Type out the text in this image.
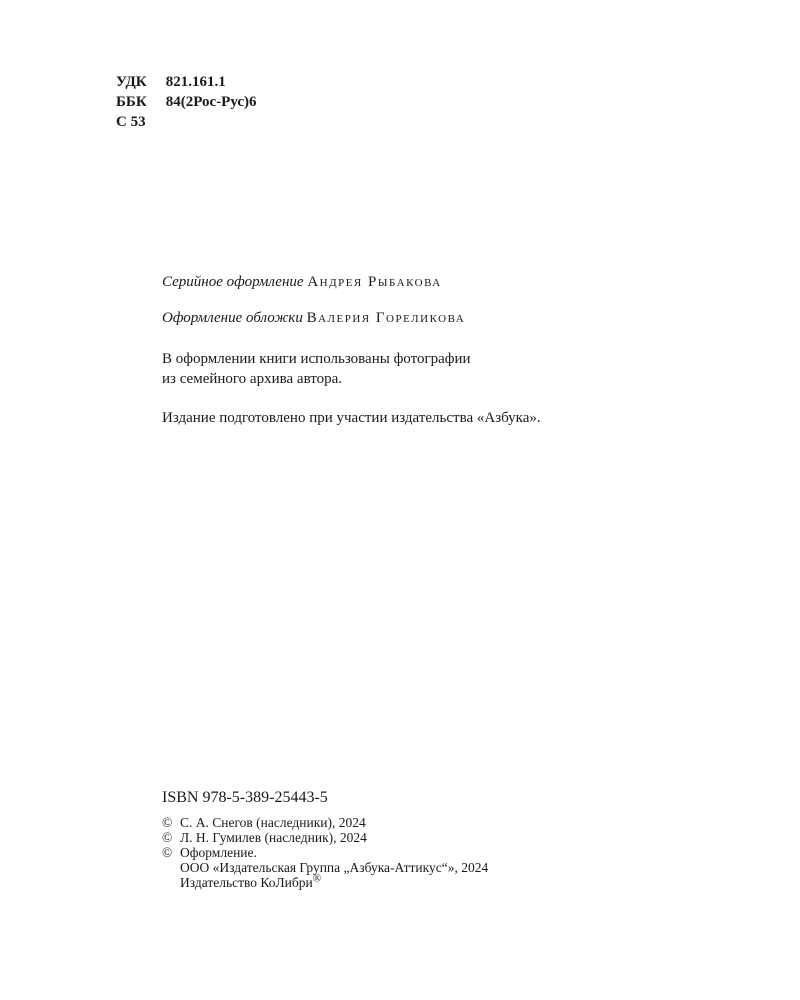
УДК 821.161.1
ББК 84(2Рос-Рус)6
С 53
Серийное оформление Андрея Рыбакова
Оформление обложки Валерия Гореликова
В оформлении книги использованы фотографии
из семейного архива автора.
Издание подготовлено при участии издательства «Азбука».
ISBN 978-5-389-25443-5
© С. А. Снегов (наследники), 2024
© Л. Н. Гумилев (наследник), 2024
© Оформление.
ООО «Издательская Группа „Азбука-Аттикус“», 2024
Издательство КоЛибри®
